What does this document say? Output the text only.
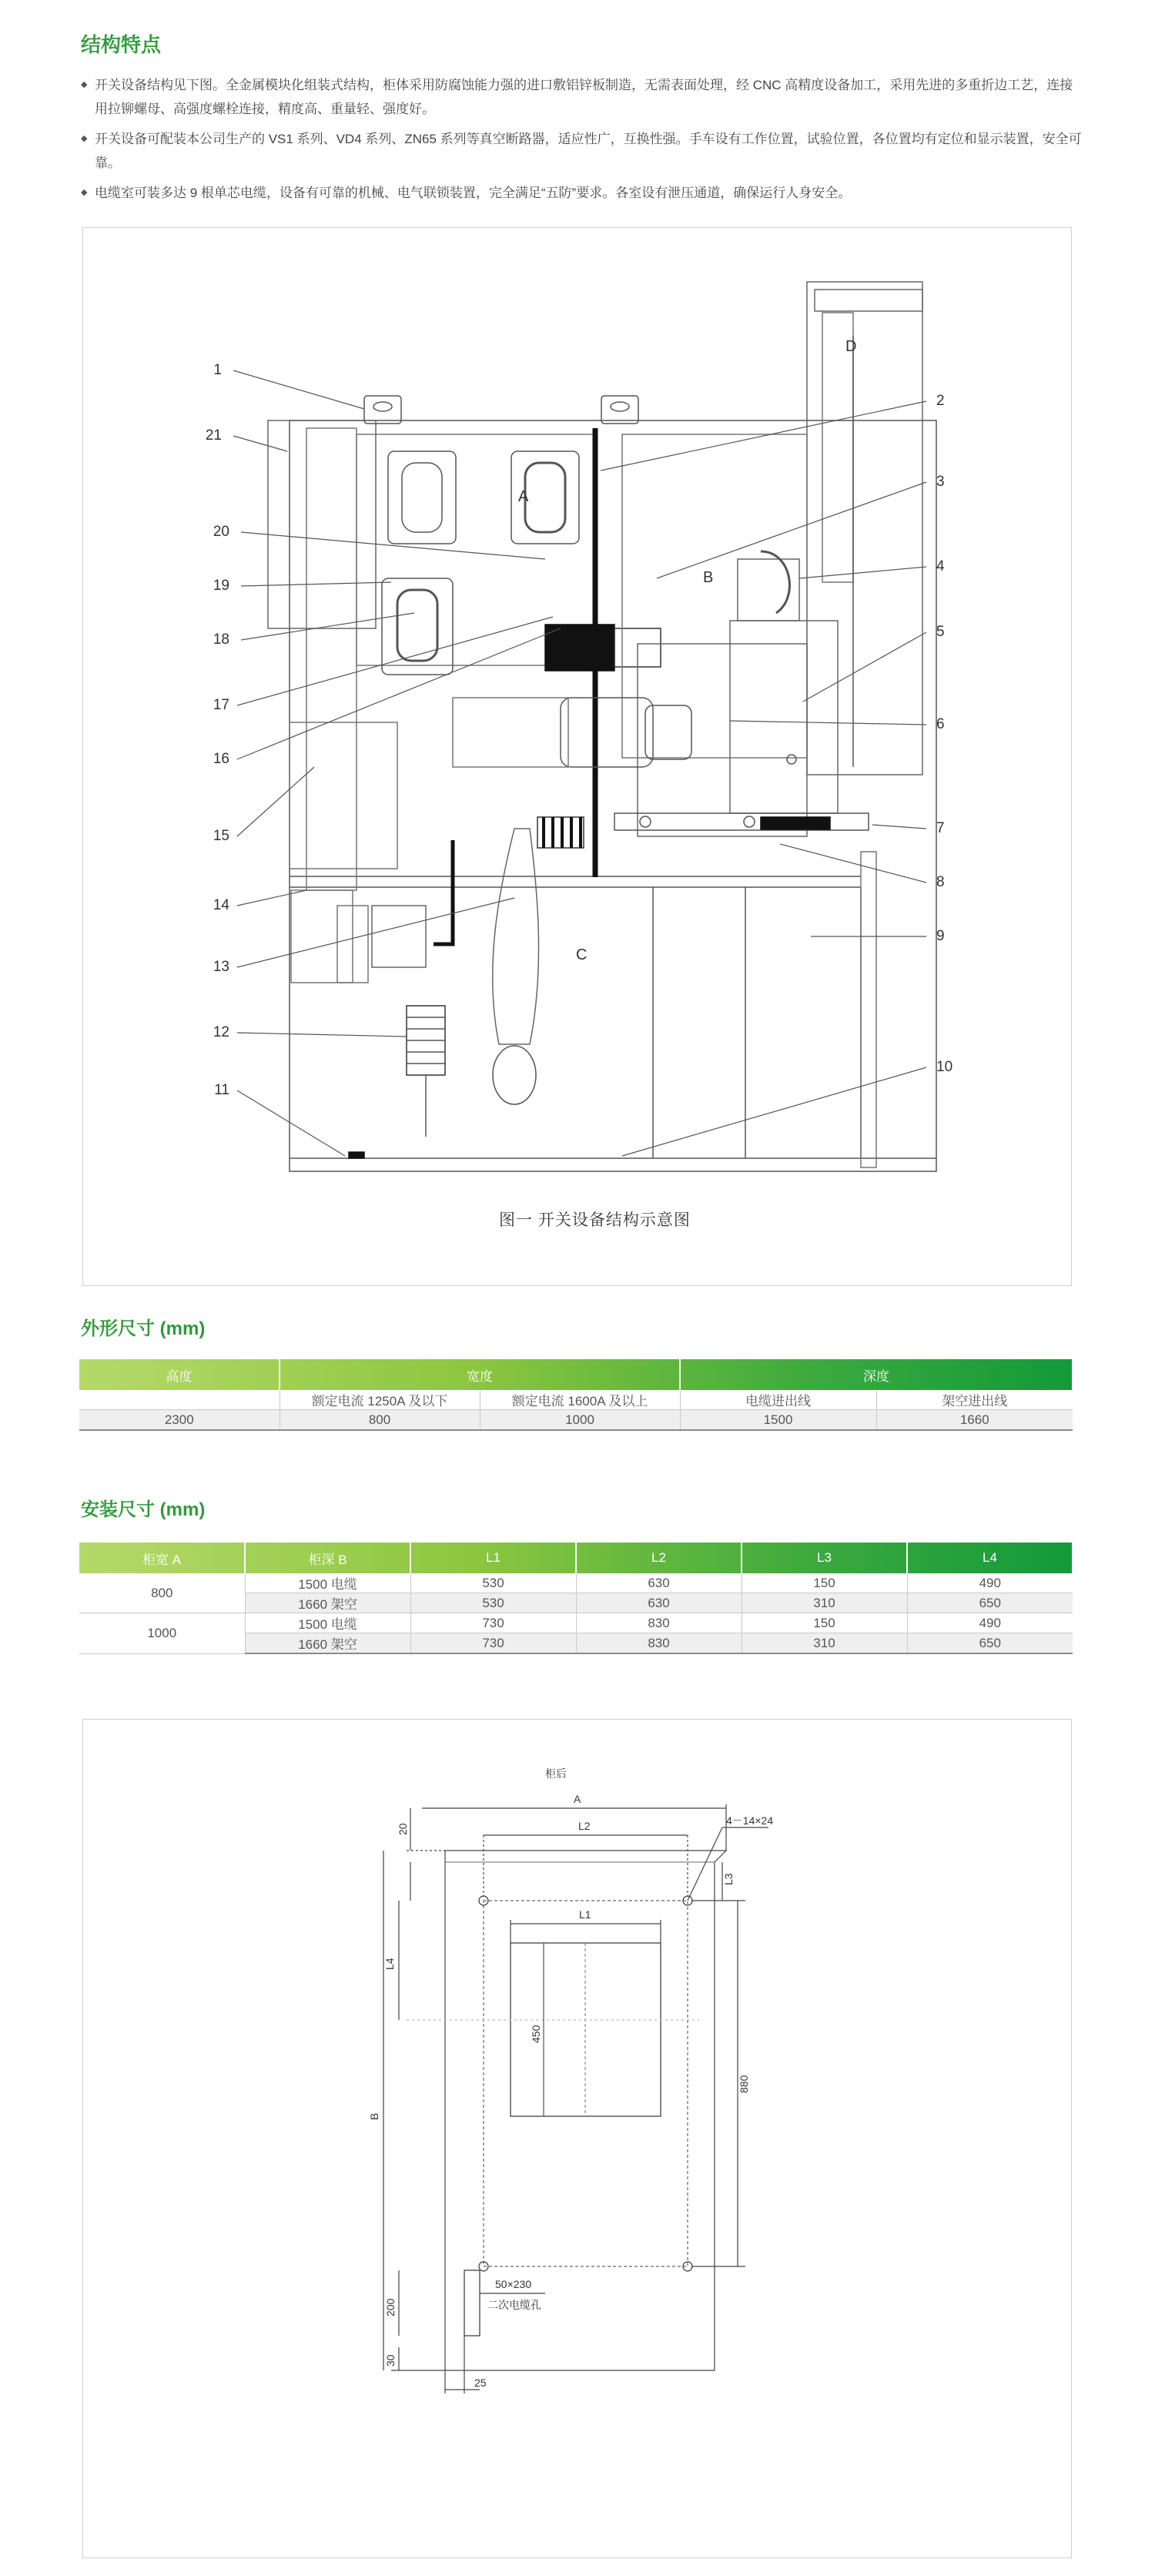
结构特点
◆ 开关设备结构见下图。全金属模块化组装式结构，柜体采用防腐蚀能力强的进口敷铝锌板制造，无需表面处理，经 CNC 高精度设备加工，采用先进的多重折边工艺，连接用拉铆螺母、高强度螺栓连接，精度高、重量轻、强度好。
◆ 开关设备可配装本公司生产的 VS1 系列、VD4 系列、ZN65 系列等真空断路器，适应性广，互换性强。手车设有工作位置，试验位置，各位置均有定位和显示装置，安全可靠。
◆ 电缆室可装多达 9 根单芯电缆，设备有可靠的机械、电气联锁装置，完全满足“五防”要求。各室设有泄压通道，确保运行人身安全。
A
B
C
D
1
21
20
19
18
17
16
15
14
13
12
11
2
3
4
5
6
7
8
9
10
图一 开关设备结构示意图
外形尺寸 (mm)
高度	宽度		深度	
	额定电流 1250A 及以下	额定电流 1600A 及以上	电缆进出线	架空进出线
2300	800	1000	1500	1660
安装尺寸 (mm)
柜宽 A	柜深 B	L1	L2	L3	L4
800	1500 电缆	530	630	150	490
	1660 架空	530	630	310	650
1000	1500 电缆	730	830	150	490
	1660 架空	730	830	310	650
柜后
A
L2
L1
4－14×24
20
L4
B
200
30
450
L3
880
50×230
二次电缆孔
25
